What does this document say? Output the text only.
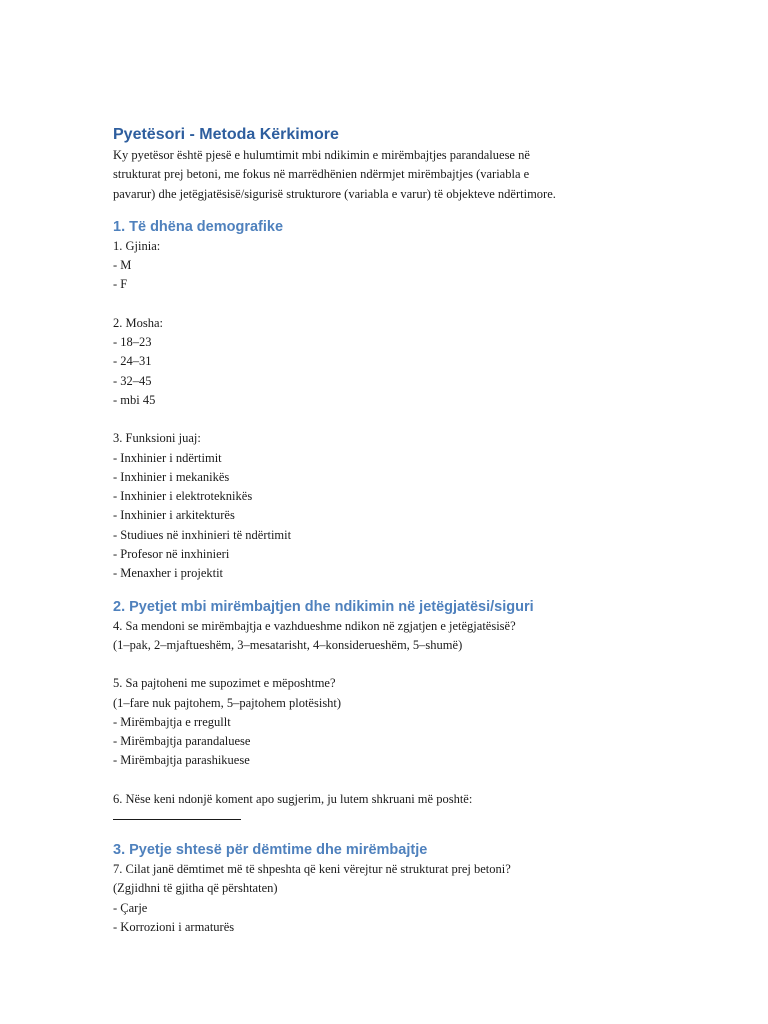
Pyetësori - Metoda Kërkimore

Ky pyetësor është pjesë e hulumtimit mbi ndikimin e mirëmbajtjes parandaluese në

strukturat prej betoni, me fokus në marrëdhënien ndërmjet mirëmbajtjes (variabla e

pavarur) dhe jetëgjatësisë/sigurisë strukturore (variabla e varur) të objekteve ndërtimore.

1. Të dhëna demografike

1. Gjinia:

- M

- F

2. Mosha:

- 18–23

- 24–31

- 32–45

- mbi 45

3. Funksioni juaj:

- Inxhinier i ndërtimit

- Inxhinier i mekanikës

- Inxhinier i elektroteknikës

- Inxhinier i arkitekturës

- Studiues në inxhinieri të ndërtimit

- Profesor në inxhinieri

- Menaxher i projektit

2. Pyetjet mbi mirëmbajtjen dhe ndikimin në jetëgjatësi/siguri

4. Sa mendoni se mirëmbajtja e vazhdueshme ndikon në zgjatjen e jetëgjatësisë?

(1–pak, 2–mjaftueshëm, 3–mesatarisht, 4–konsiderueshëm, 5–shumë)

5. Sa pajtoheni me supozimet e mëposhtme?

(1–fare nuk pajtohem, 5–pajtohem plotësisht)

- Mirëmbajtja e rregullt

- Mirëmbajtja parandaluese

- Mirëmbajtja parashikuese

6. Nëse keni ndonjë koment apo sugjerim, ju lutem shkruani më poshtë:

3. Pyetje shtesë për dëmtime dhe mirëmbajtje

7. Cilat janë dëmtimet më të shpeshta që keni vërejtur në strukturat prej betoni?

(Zgjidhni të gjitha që përshtaten)

- Çarje

- Korrozioni i armaturës
